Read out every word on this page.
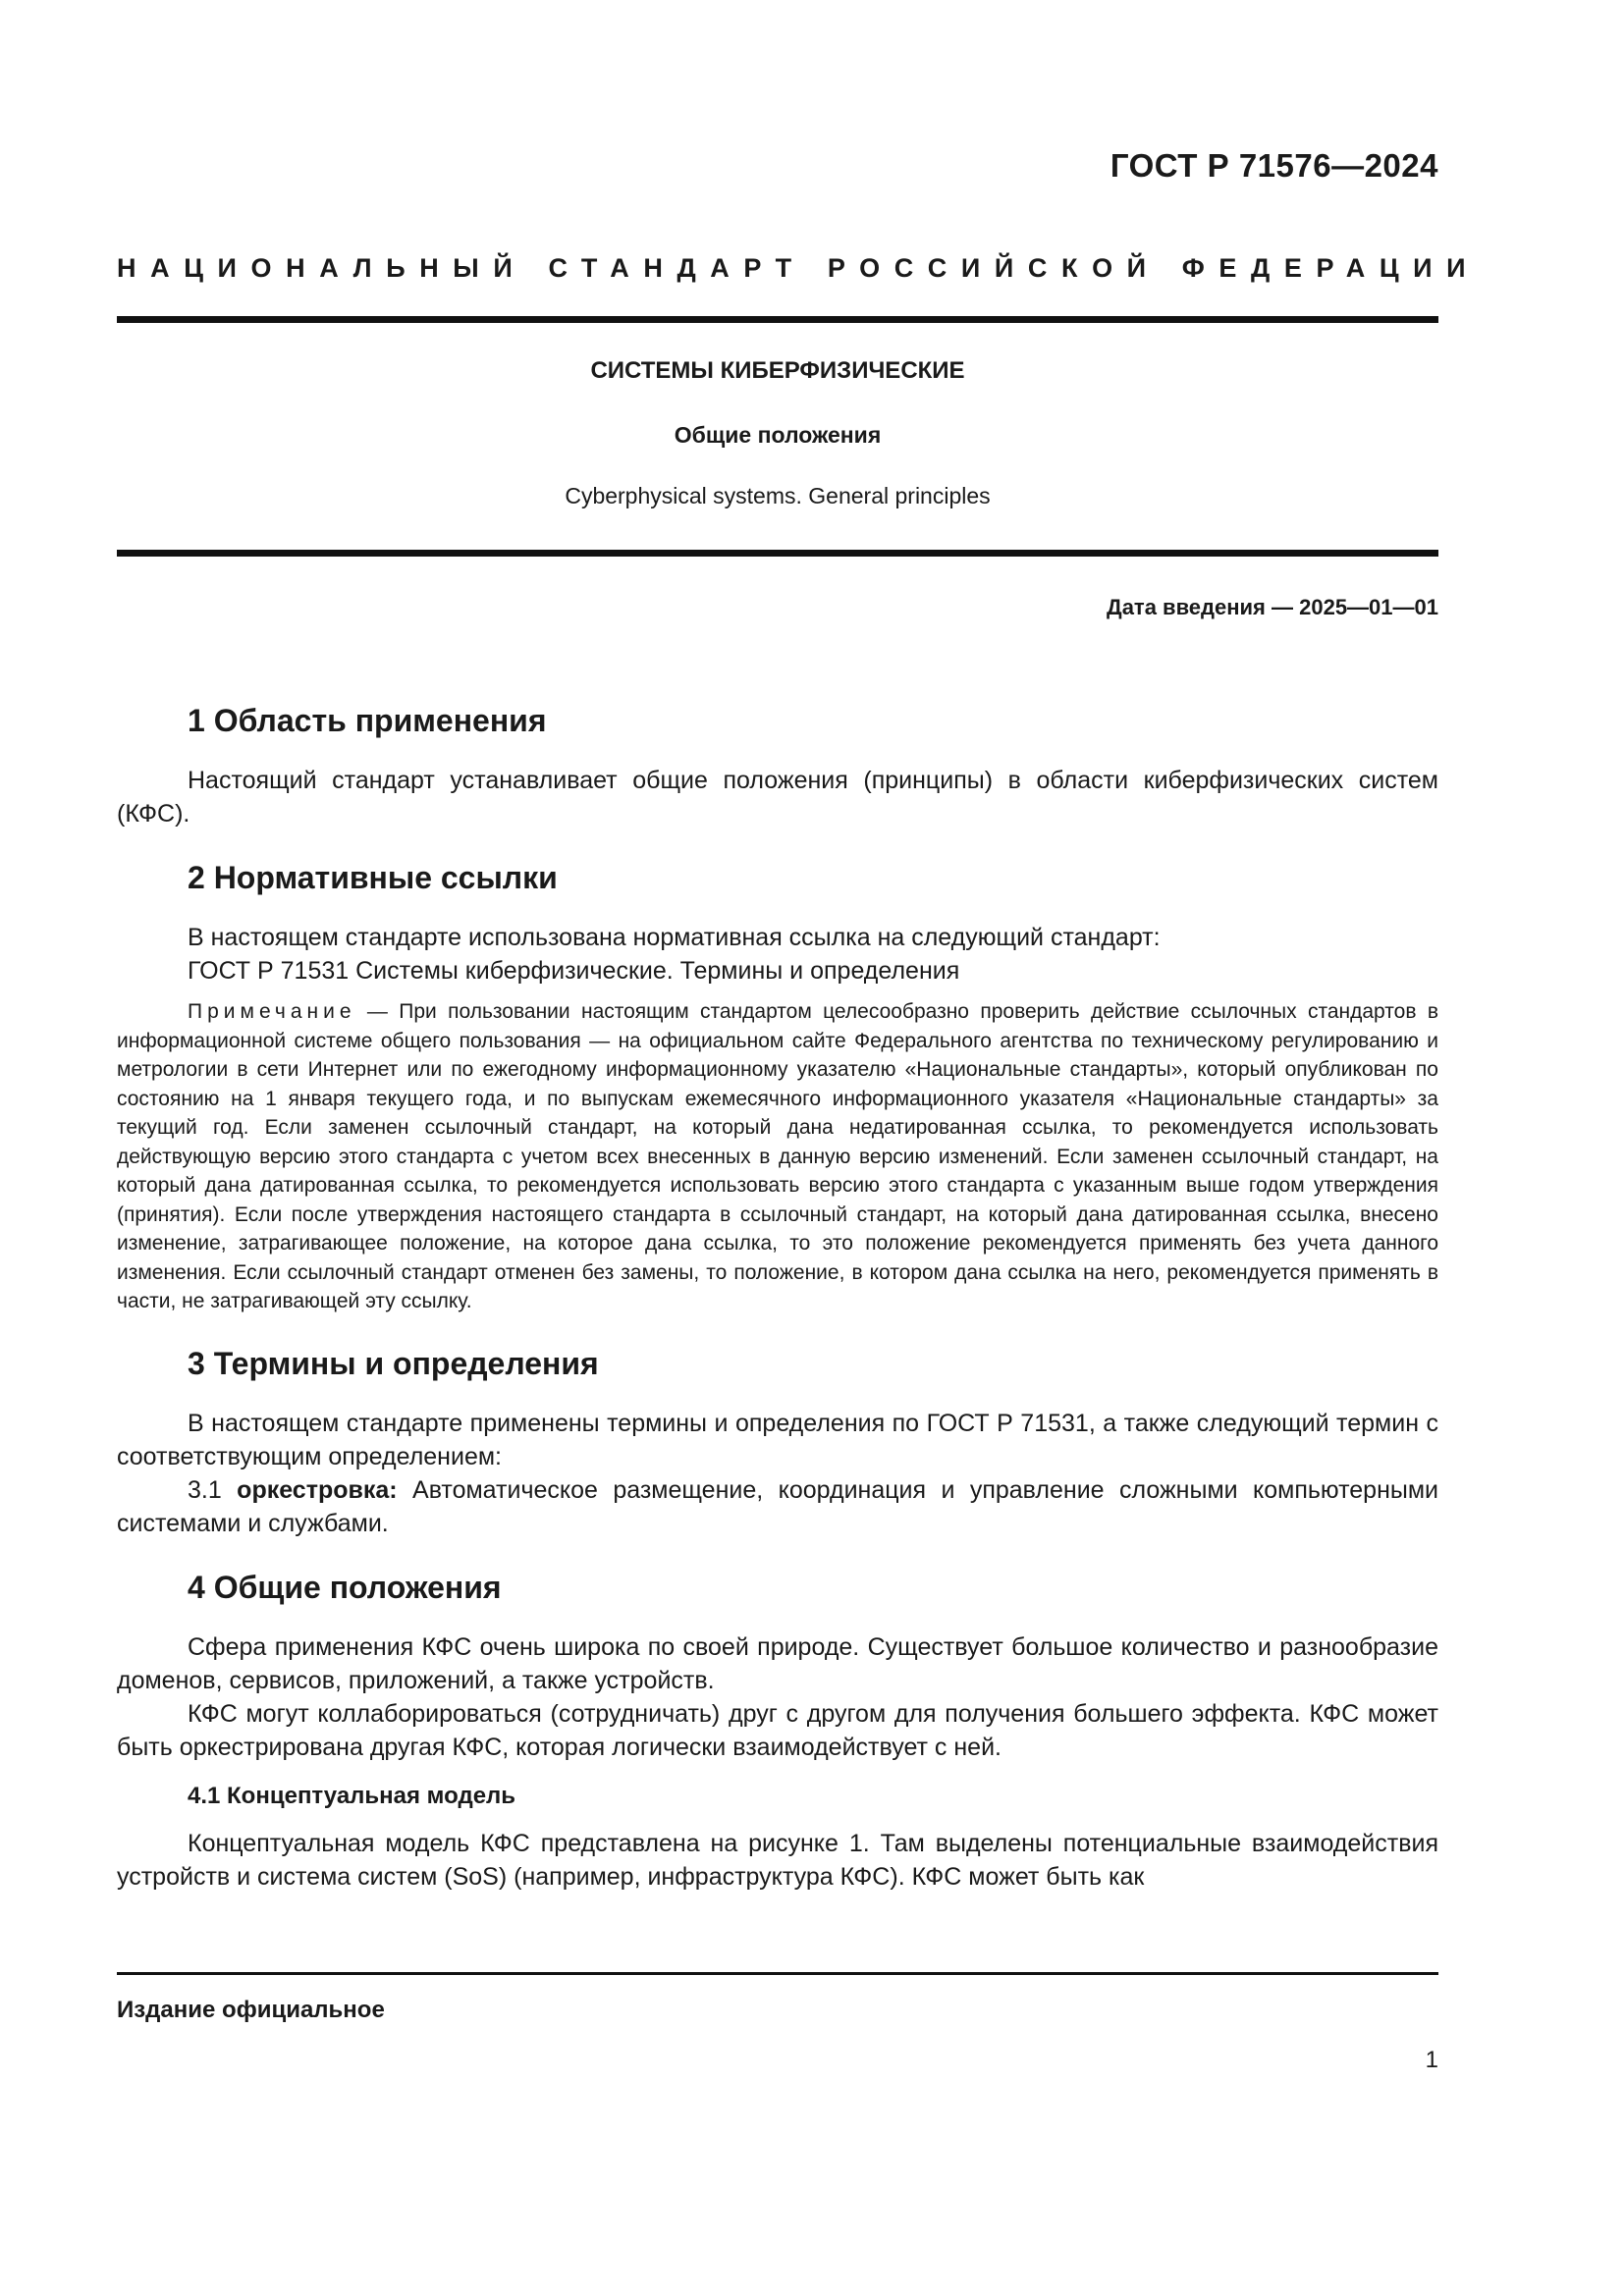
ГОСТ Р 71576—2024
НАЦИОНАЛЬНЫЙ СТАНДАРТ РОССИЙСКОЙ ФЕДЕРАЦИИ
СИСТЕМЫ КИБЕРФИЗИЧЕСКИЕ
Общие положения
Cyberphysical systems. General principles
Дата введения — 2025—01—01
1 Область применения

Настоящий стандарт устанавливает общие положения (принципы) в области киберфизических систем (КФС).

2 Нормативные ссылки

В настоящем стандарте использована нормативная ссылка на следующий стандарт:

ГОСТ Р 71531 Системы киберфизические. Термины и определения

Примечание — При пользовании настоящим стандартом целесообразно проверить действие ссылочных стандартов в информационной системе общего пользования — на официальном сайте Федерального агентства по техническому регулированию и метрологии в сети Интернет или по ежегодному информационному указателю «Национальные стандарты», который опубликован по состоянию на 1 января текущего года, и по выпускам ежемесячного информационного указателя «Национальные стандарты» за текущий год. Если заменен ссылочный стандарт, на который дана недатированная ссылка, то рекомендуется использовать действующую версию этого стандарта с учетом всех внесенных в данную версию изменений. Если заменен ссылочный стандарт, на который дана датированная ссылка, то рекомендуется использовать версию этого стандарта с указанным выше годом утверждения (принятия). Если после утверждения настоящего стандарта в ссылочный стандарт, на который дана датированная ссылка, внесено изменение, затрагивающее положение, на которое дана ссылка, то это положение рекомендуется применять без учета данного изменения. Если ссылочный стандарт отменен без замены, то положение, в котором дана ссылка на него, рекомендуется применять в части, не затрагивающей эту ссылку.
3 Термины и определения

В настоящем стандарте применены термины и определения по ГОСТ Р 71531, а также следующий термин с соответствующим определением:

3.1 оркестровка: Автоматическое размещение, координация и управление сложными компьютерными системами и службами.

4 Общие положения

Сфера применения КФС очень широка по своей природе. Существует большое количество и разнообразие доменов, сервисов, приложений, а также устройств.

КФС могут коллаборироваться (сотрудничать) друг с другом для получения большего эффекта. КФС может быть оркестрирована другая КФС, которая логически взаимодействует с ней.

4.1 Концептуальная модель

Концептуальная модель КФС представлена на рисунке 1. Там выделены потенциальные взаимодействия устройств и система систем (SoS) (например, инфраструктура КФС). КФС может быть как

Издание официальное
1
